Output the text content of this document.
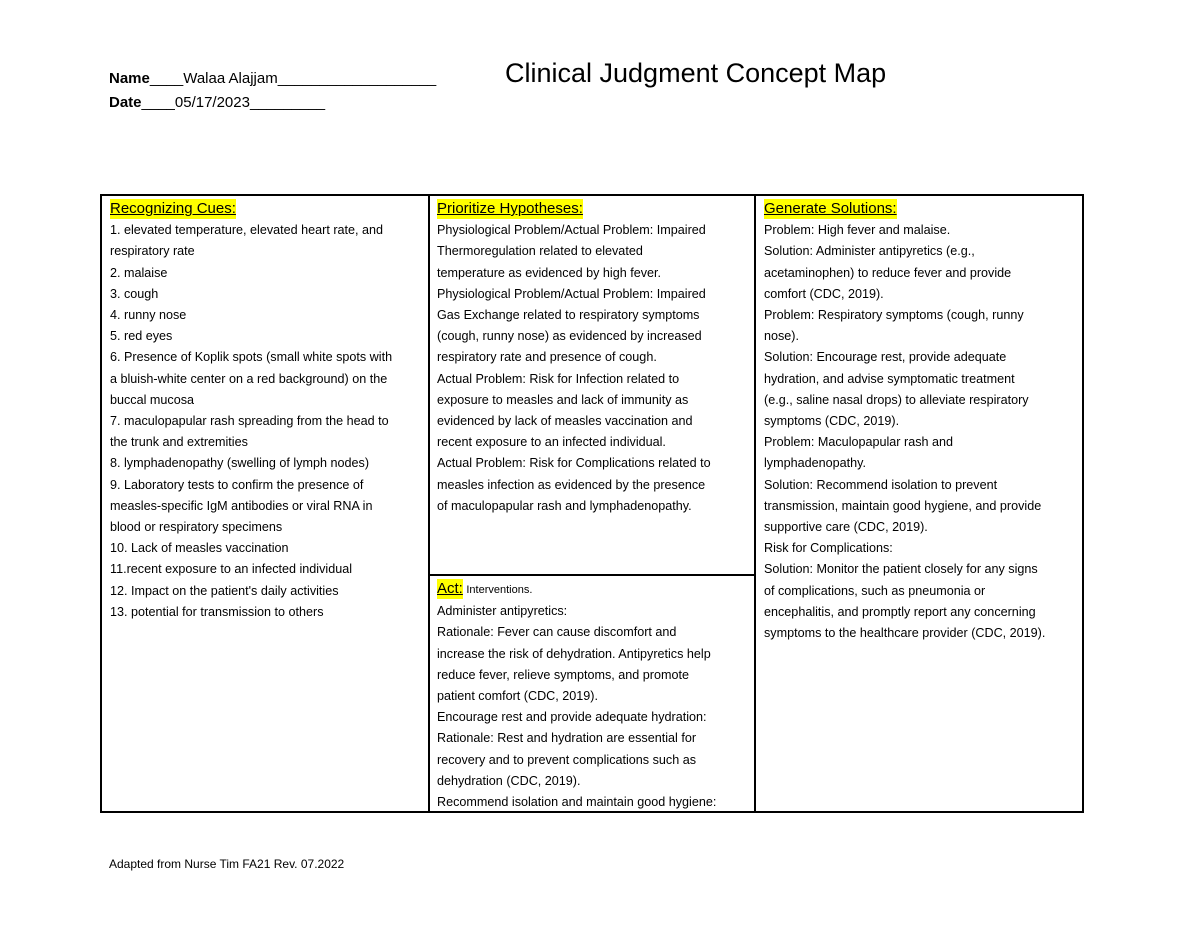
Name____Walaa Alajjam___________________
Date____05/17/2023_________
Clinical Judgment Concept Map
Recognizing Cues:
1. elevated temperature, elevated heart rate, and
respiratory rate
2. malaise
3. cough
4. runny nose
5. red eyes
6. Presence of Koplik spots (small white spots with
a bluish-white center on a red background) on the
buccal mucosa
7. maculopapular rash spreading from the head to
the trunk and extremities
8. lymphadenopathy (swelling of lymph nodes)
9. Laboratory tests to confirm the presence of
measles-specific IgM antibodies or viral RNA in
blood or respiratory specimens
10. Lack of measles vaccination
11.recent exposure to an infected individual
12. Impact on the patient's daily activities
13. potential for transmission to others
Prioritize Hypotheses:
Physiological Problem/Actual Problem: Impaired
Thermoregulation related to elevated
temperature as evidenced by high fever.
Physiological Problem/Actual Problem: Impaired
Gas Exchange related to respiratory symptoms
(cough, runny nose) as evidenced by increased
respiratory rate and presence of cough.
Actual Problem: Risk for Infection related to
exposure to measles and lack of immunity as
evidenced by lack of measles vaccination and
recent exposure to an infected individual.
Actual Problem: Risk for Complications related to
measles infection as evidenced by the presence
of maculopapular rash and lymphadenopathy.
Act: Interventions.
Administer antipyretics:
Rationale: Fever can cause discomfort and
increase the risk of dehydration. Antipyretics help
reduce fever, relieve symptoms, and promote
patient comfort (CDC, 2019).
Encourage rest and provide adequate hydration:
Rationale: Rest and hydration are essential for
recovery and to prevent complications such as
dehydration (CDC, 2019).
Recommend isolation and maintain good hygiene:
Generate Solutions:
Problem: High fever and malaise.
Solution: Administer antipyretics (e.g.,
acetaminophen) to reduce fever and provide
comfort (CDC, 2019).
Problem: Respiratory symptoms (cough, runny
nose).
Solution: Encourage rest, provide adequate
hydration, and advise symptomatic treatment
(e.g., saline nasal drops) to alleviate respiratory
symptoms (CDC, 2019).
Problem: Maculopapular rash and
lymphadenopathy.
Solution: Recommend isolation to prevent
transmission, maintain good hygiene, and provide
supportive care (CDC, 2019).
Risk for Complications:
Solution: Monitor the patient closely for any signs
of complications, such as pneumonia or
encephalitis, and promptly report any concerning
symptoms to the healthcare provider (CDC, 2019).
Adapted from Nurse Tim FA21 Rev. 07.2022
